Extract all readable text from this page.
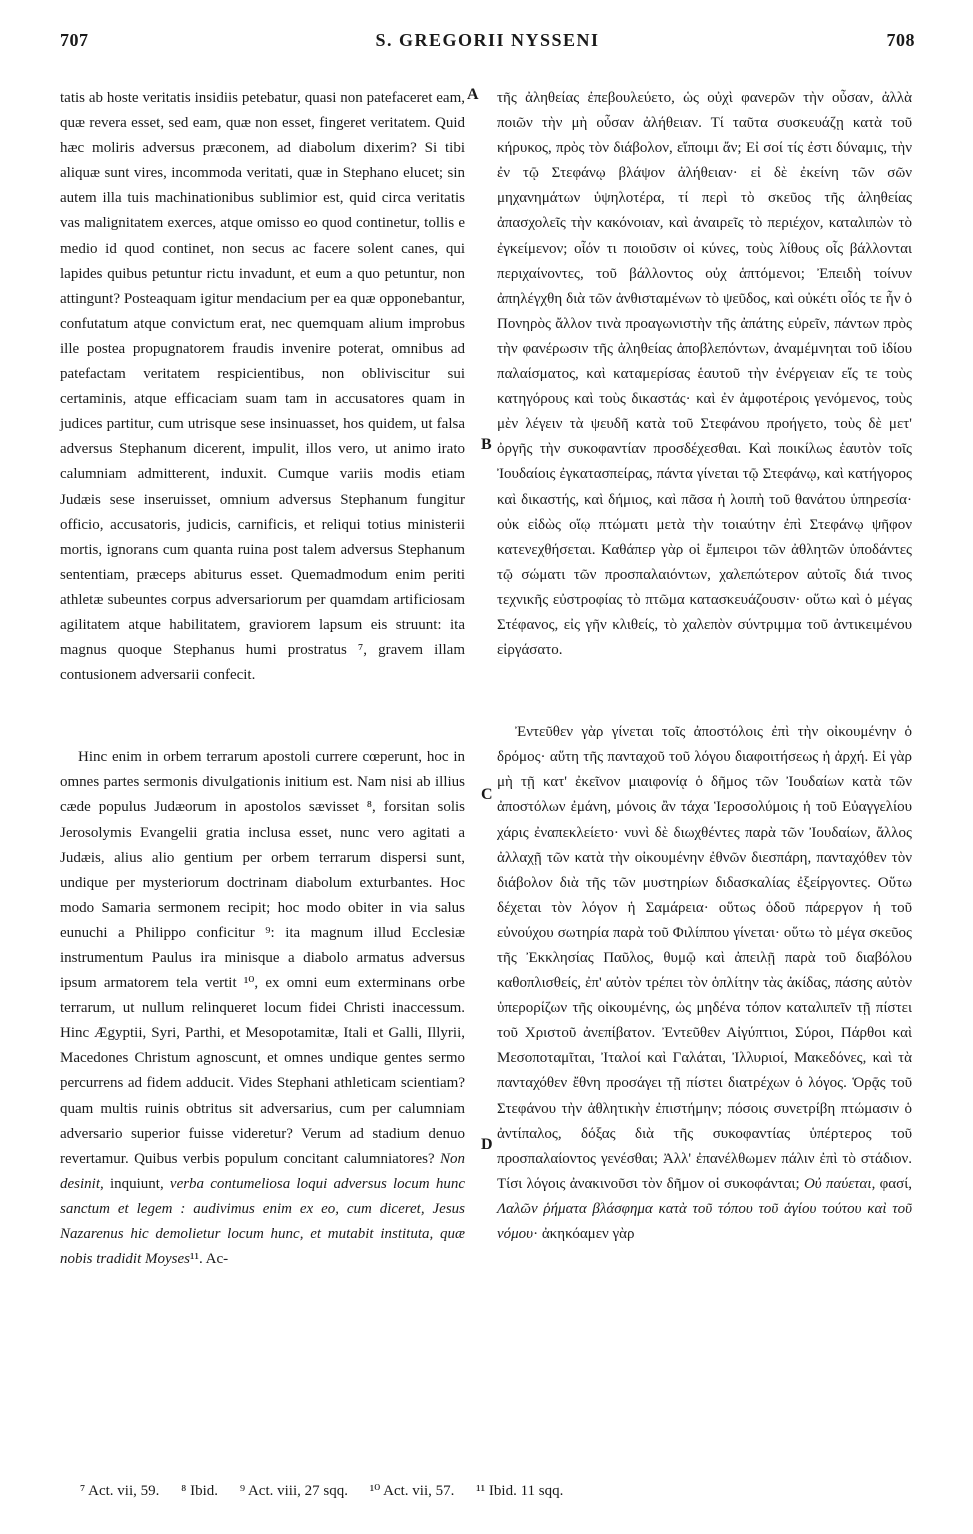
707	S. GREGORII NYSSENI	708
A
B
C
D

tatis ab hoste veritatis insidiis petebatur, quasi non patefaceret eam, quæ revera esset, sed eam, quæ non esset, fingeret veritatem. Quid hæc moliris adversus præconem, ad diabolum dixerim? Si tibi aliquæ sunt vires, incommoda veritati, quæ in Stephano elucet; sin autem illa tuis machinationibus sublimior est, quid circa veritatis vas malignitatem exerces, atque omisso eo quod continetur, tollis e medio id quod continet, non secus ac facere solent canes, qui lapides quibus petuntur rictu invadunt, et eum a quo petuntur, non attingunt? Posteaquam igitur mendacium per ea quæ opponebantur, confutatum atque convictum erat, nec quemquam alium improbus ille postea propugnatorem fraudis invenire poterat, omnibus ad patefactam veritatem respicientibus, non obliviscitur sui certaminis, atque efficaciam suam tam in accusatores quam in judices partitur, cum utrisque sese insinuasset, hos quidem, ut falsa adversus Stephanum dicerent, impulit, illos vero, ut animo irato calumniam admitterent, induxit. Cumque variis modis etiam Judæis sese inseruisset, omnium adversus Stephanum fungitur officio, accusatoris, judicis, carnificis, et reliqui totius ministerii mortis, ignorans cum quanta ruina post talem adversus Stephanum sententiam, præceps abiturus esset. Quemadmodum enim periti athletæ subeuntes corpus adversariorum per quamdam artificiosam agilitatem atque habilitatem, graviorem lapsum eis struunt: ita magnus quoque Stephanus humi prostratus ⁷, gravem illam contusionem adversarii confecit.

Hinc enim in orbem terrarum apostoli currere cœperunt, hoc in omnes partes sermonis divulgationis initium est. Nam nisi ab illius cæde populus Judæorum in apostolos sævisset ⁸, forsitan solis Jerosolymis Evangelii gratia inclusa esset, nunc vero agitati a Judæis, alius alio gentium per orbem terrarum dispersi sunt, undique per mysteriorum doctrinam diabolum exturbantes. Hoc modo Samaria sermonem recipit; hoc modo obiter in via salus eunuchi a Philippo conficitur ⁹: ita magnum illud Ecclesiæ instrumentum Paulus ira minisque a diabolo armatus adversus ipsum armatorem tela vertit ¹⁰, ex omni eum exterminans orbe terrarum, ut nullum relinqueret locum fidei Christi inaccessum. Hinc Ægyptii, Syri, Parthi, et Mesopotamitæ, Itali et Galli, Illyrii, Macedones Christum agnoscunt, et omnes undique gentes sermo percurrens ad fidem adducit. Vides Stephani athleticam scientiam? quam multis ruinis obtritus sit adversarius, cum per calumniam adversario superior fuisse videretur? Verum ad stadium denuo revertamur. Quibus verbis populum concitant calumniatores? Non desinit, inquiunt, verba contumeliosa loqui adversus locum hunc sanctum et legem : audivimus enim ex eo, cum diceret, Jesus Nazarenus hic demolietur locum hunc, et mutabit instituta, quæ nobis tradidit Moyses¹¹. Ac-

τῆς ἀληθείας ἐπεβουλεύετο, ὡς οὐχὶ φανερῶν τὴν οὖσαν, ἀλλὰ ποιῶν τὴν μὴ οὖσαν ἀλήθειαν. Τί ταῦτα συσκευάζῃ κατὰ τοῦ κήρυκος, πρὸς τὸν διάβολον, εἴποιμι ἄν; Εἰ σοί τίς ἐστι δύναμις, τὴν ἐν τῷ Στεφάνῳ βλάψον ἀλήθειαν· εἰ δὲ ἐκείνη τῶν σῶν μηχανημάτων ὑψηλοτέρα, τί περὶ τὸ σκεῦος τῆς ἀληθείας ἀπασχολεῖς τὴν κακόνοιαν, καὶ ἀναιρεῖς τὸ περιέχον, καταλιπὼν τὸ ἐγκείμενον; οἷόν τι ποιοῦσιν οἱ κύνες, τοὺς λίθους οἷς βάλλονται περιχαίνοντες, τοῦ βάλλοντος οὐχ ἁπτόμενοι; Ἐπειδὴ τοίνυν ἀπηλέγχθη διὰ τῶν ἀνθισταμένων τὸ ψεῦδος, καὶ οὐκέτι οἷός τε ἦν ὁ Πονηρὸς ἄλλον τινὰ προαγωνιστὴν τῆς ἀπάτης εὑρεῖν, πάντων πρὸς τὴν φανέρωσιν τῆς ἀληθείας ἀποβλεπόντων, ἀναμέμνηται τοῦ ἰδίου παλαίσματος, καὶ καταμερίσας ἑαυτοῦ τὴν ἐνέργειαν εἴς τε τοὺς κατηγόρους καὶ τοὺς δικαστάς· καὶ ἐν ἀμφοτέροις γενόμενος, τοὺς μὲν λέγειν τὰ ψευδῆ κατὰ τοῦ Στεφάνου προήγετο, τοὺς δὲ μετ' ὀργῆς τὴν συκοφαντίαν προσδέχεσθαι. Καὶ ποικίλως ἑαυτὸν τοῖς Ἰουδαίοις ἐγκατασπείρας, πάντα γίνεται τῷ Στεφάνῳ, καὶ κατήγορος καὶ δικαστής, καὶ δήμιος, καὶ πᾶσα ἡ λοιπὴ τοῦ θανάτου ὑπηρεσία· οὐκ εἰδὼς οἵῳ πτώματι μετὰ τὴν τοιαύτην ἐπὶ Στεφάνῳ ψῆφον κατενεχθήσεται. Καθάπερ γὰρ οἱ ἔμπειροι τῶν ἀθλητῶν ὑποδάντες τῷ σώματι τῶν προσπαλαιόντων, χαλεπώτερον αὐτοῖς διά τινος τεχνικῆς εὐστροφίας τὸ πτῶμα κατασκευάζουσιν· οὕτω καὶ ὁ μέγας Στέφανος, εἰς γῆν κλιθείς, τὸ χαλεπὸν σύντριμμα τοῦ ἀντικειμένου εἰργάσατο.

Ἐντεῦθεν γὰρ γίνεται τοῖς ἀποστόλοις ἐπὶ τὴν οἰκουμένην ὁ δρόμος· αὕτη τῆς πανταχοῦ τοῦ λόγου διαφοιτήσεως ἡ ἀρχή. Εἰ γὰρ μὴ τῇ κατ' ἐκεῖνον μιαιφονίᾳ ὁ δῆμος τῶν Ἰουδαίων κατὰ τῶν ἀποστόλων ἐμάνη, μόνοις ἂν τάχα Ἱεροσολύμοις ἡ τοῦ Εὐαγγελίου χάρις ἐναπεκλείετο· νυνὶ δὲ διωχθέντες παρὰ τῶν Ἰουδαίων, ἄλλος ἀλλαχῇ τῶν κατὰ τὴν οἰκουμένην ἐθνῶν διεσπάρη, πανταχόθεν τὸν διάβολον διὰ τῆς τῶν μυστηρίων διδασκαλίας ἐξείργοντες. Οὕτω δέχεται τὸν λόγον ἡ Σαμάρεια· οὕτως ὁδοῦ πάρεργον ἡ τοῦ εὐνούχου σωτηρία παρὰ τοῦ Φιλίππου γίνεται· οὕτω τὸ μέγα σκεῦος τῆς Ἐκκλησίας Παῦλος, θυμῷ καὶ ἀπειλῇ παρὰ τοῦ διαβόλου καθοπλισθείς, ἐπ' αὐτὸν τρέπει τὸν ὁπλίτην τὰς ἀκίδας, πάσης αὐτὸν ὑπερορίζων τῆς οἰκουμένης, ὡς μηδένα τόπον καταλιπεῖν τῇ πίστει τοῦ Χριστοῦ ἀνεπίβατον. Ἐντεῦθεν Αἰγύπτιοι, Σύροι, Πάρθοι καὶ Μεσοποταμῖται, Ἰταλοί καὶ Γαλάται, Ἰλλυριοί, Μακεδόνες, καὶ τὰ πανταχόθεν ἔθνη προσάγει τῇ πίστει διατρέχων ὁ λόγος. Ὁρᾷς τοῦ Στεφάνου τὴν ἀθλητικὴν ἐπιστήμην; πόσοις συνετρίβη πτώμασιν ὁ ἀντίπαλος, δόξας διὰ τῆς συκοφαντίας ὑπέρτερος τοῦ προσπαλαίοντος γενέσθαι; Ἀλλ' ἐπανέλθωμεν πάλιν ἐπὶ τὸ στάδιον. Τίσι λόγοις ἀνακινοῦσι τὸν δῆμον οἱ συκοφάνται; Οὐ παύεται, φασί, Λαλῶν ῥήματα βλάσφημα κατὰ τοῦ τόπου τοῦ ἁγίου τούτου καὶ τοῦ νόμου· ἀκηκόαμεν γὰρ

⁷ Act. vii, 59. ⁸ Ibid. ⁹ Act. viii, 27 sqq. ¹⁰ Act. vii, 57. ¹¹ Ibid. 11 sqq.
